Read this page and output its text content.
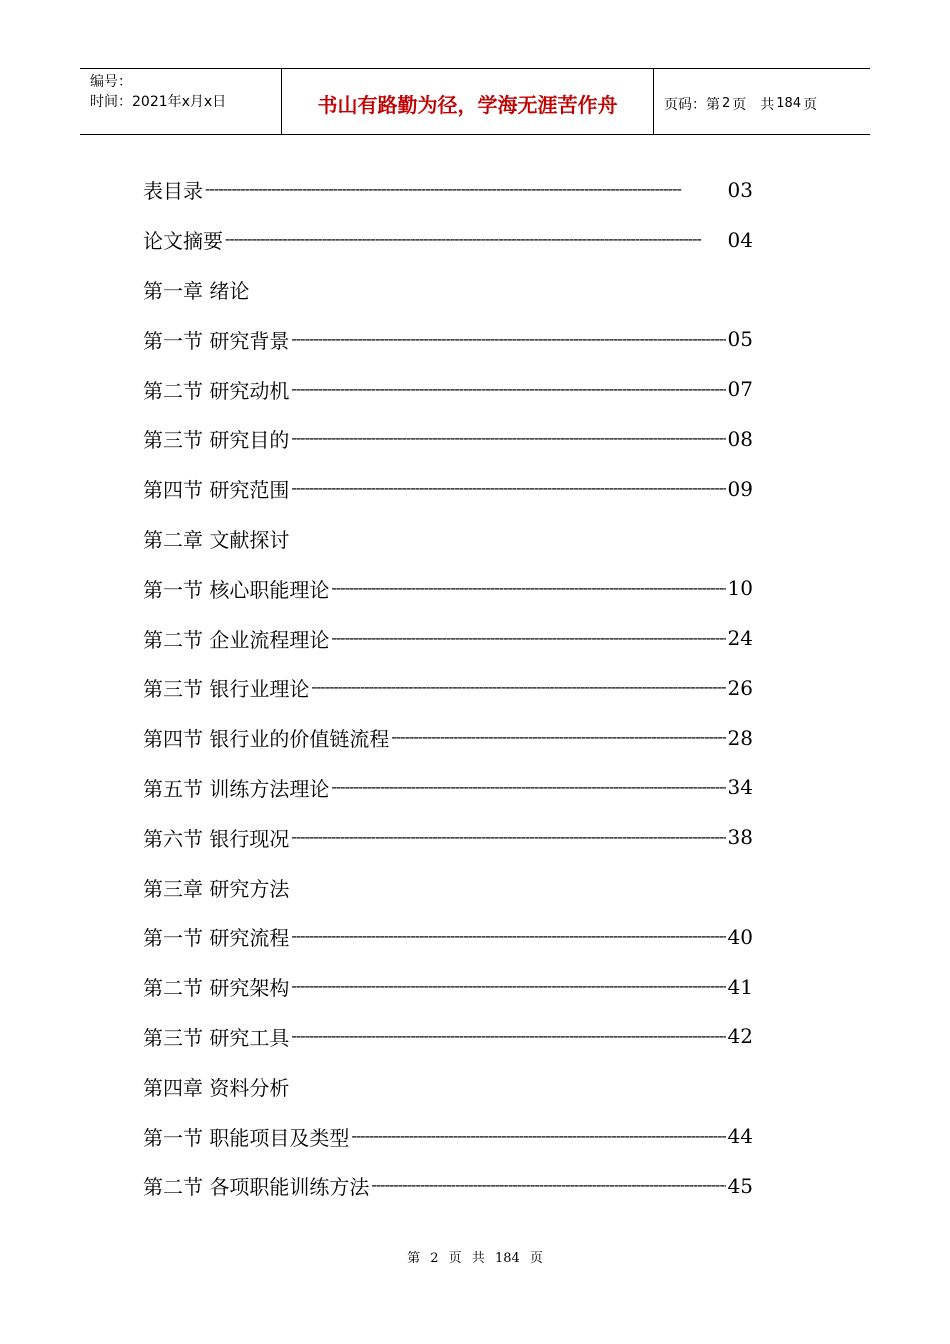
编号：
时间：2021年x月x日	书山有路勤为径，学海无涯苦作舟	页码：第 2 页　共 184 页
表目录 -----	03
论文摘要 -----	04
第一章 绪论
第一节 研究背景 -----	05
第二节 研究动机 -----	07
第三节 研究目的 -----	08
第四节 研究范围 -----	09
第二章 文献探讨
第一节 核心职能理论 -----	10
第二节 企业流程理论 -----	24
第三节 银行业理论 -----	26
第四节 银行业的价值链流程 -----	28
第五节 训练方法理论 -----	34
第六节 银行现况 -----	38
第三章 研究方法
第一节 研究流程 -----	40
第二节 研究架构 -----	41
第三节 研究工具 -----	42
第四章 资料分析
第一节 职能项目及类型 -----	44
第二节 各项职能训练方法 -----	45
第 2 页 共 184 页
